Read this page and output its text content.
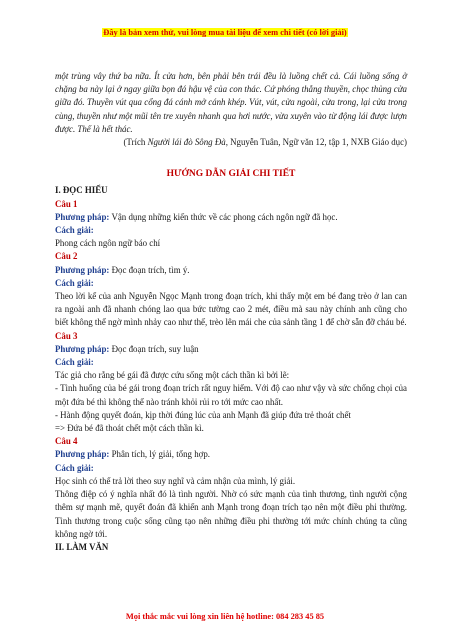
Đây là bản xem thử, vui lòng mua tài liệu để xem chi tiết (có lời giải)

một trùng vây thứ ba nữa. Ít cửa hơn, bên phải bên trái đều là luồng chết cả. Cái luồng sống ở chặng ba này lại ở ngay giữa bọn đá hậu vệ của con thác. Cứ phóng thẳng thuyền, chọc thủng cửa giữa đó. Thuyền vút qua cổng đá cánh mở cánh khép. Vút, vút, cửa ngoài, cửa trong, lại cửa trong cùng, thuyền như một mũi tên tre xuyên nhanh qua hơi nước, vừa xuyên vào từ động lái được lượn được. Thế là hết thác.

(Trích Người lái đò Sông Đà, Nguyễn Tuân, Ngữ văn 12, tập 1, NXB Giáo dục)

HƯỚNG DẪN GIẢI CHI TIẾT
I. ĐỌC HIỂU
Câu 1
Phương pháp: Vận dụng những kiến thức về các phong cách ngôn ngữ đã học.
Cách giải:
Phong cách ngôn ngữ báo chí
Câu 2
Phương pháp: Đọc đoạn trích, tìm ý.
Cách giải:
Theo lời kể của anh Nguyễn Ngọc Mạnh trong đoạn trích, khi thấy một em bé đang trèo ở lan can ra ngoài anh đã nhanh chóng lao qua bức tường cao 2 mét, điều mà sau này chính anh cũng cho biết không thể ngờ mình nhảy cao như thế, trèo lên mái che của sảnh tầng 1 để chờ sẵn đỡ cháu bé.
Câu 3
Phương pháp: Đọc đoạn trích, suy luận
Cách giải:
Tác giả cho rằng bé gái đã được cứu sống một cách thần kì bởi lẽ:
- Tình huống của bé gái trong đoạn trích rất nguy hiểm. Với độ cao như vậy và sức chống chọi của một đứa bé thì không thể nào tránh khỏi rủi ro tới mức cao nhất.
- Hành động quyết đoán, kịp thời đúng lúc của anh Mạnh đã giúp đứa trẻ thoát chết
=> Đứa bé đã thoát chết một cách thần kì.
Câu 4
Phương pháp: Phân tích, lý giải, tổng hợp.
Cách giải:
Học sinh có thể trả lời theo suy nghĩ và cảm nhận của mình, lý giải.
Thông điệp có ý nghĩa nhất đó là tình người. Nhờ có sức mạnh của tình thương, tình người cộng thêm sự mạnh mẽ, quyết đoán đã khiến anh Mạnh trong đoạn trích tạo nên một điều phi thường. Tình thương trong cuộc sống cũng tạo nên những điều phi thường tới mức chính chúng ta cũng không ngờ tới.
II. LÀM VĂN
Mọi thắc mắc vui lòng xin liên hệ hotline: 084 283 45 85
